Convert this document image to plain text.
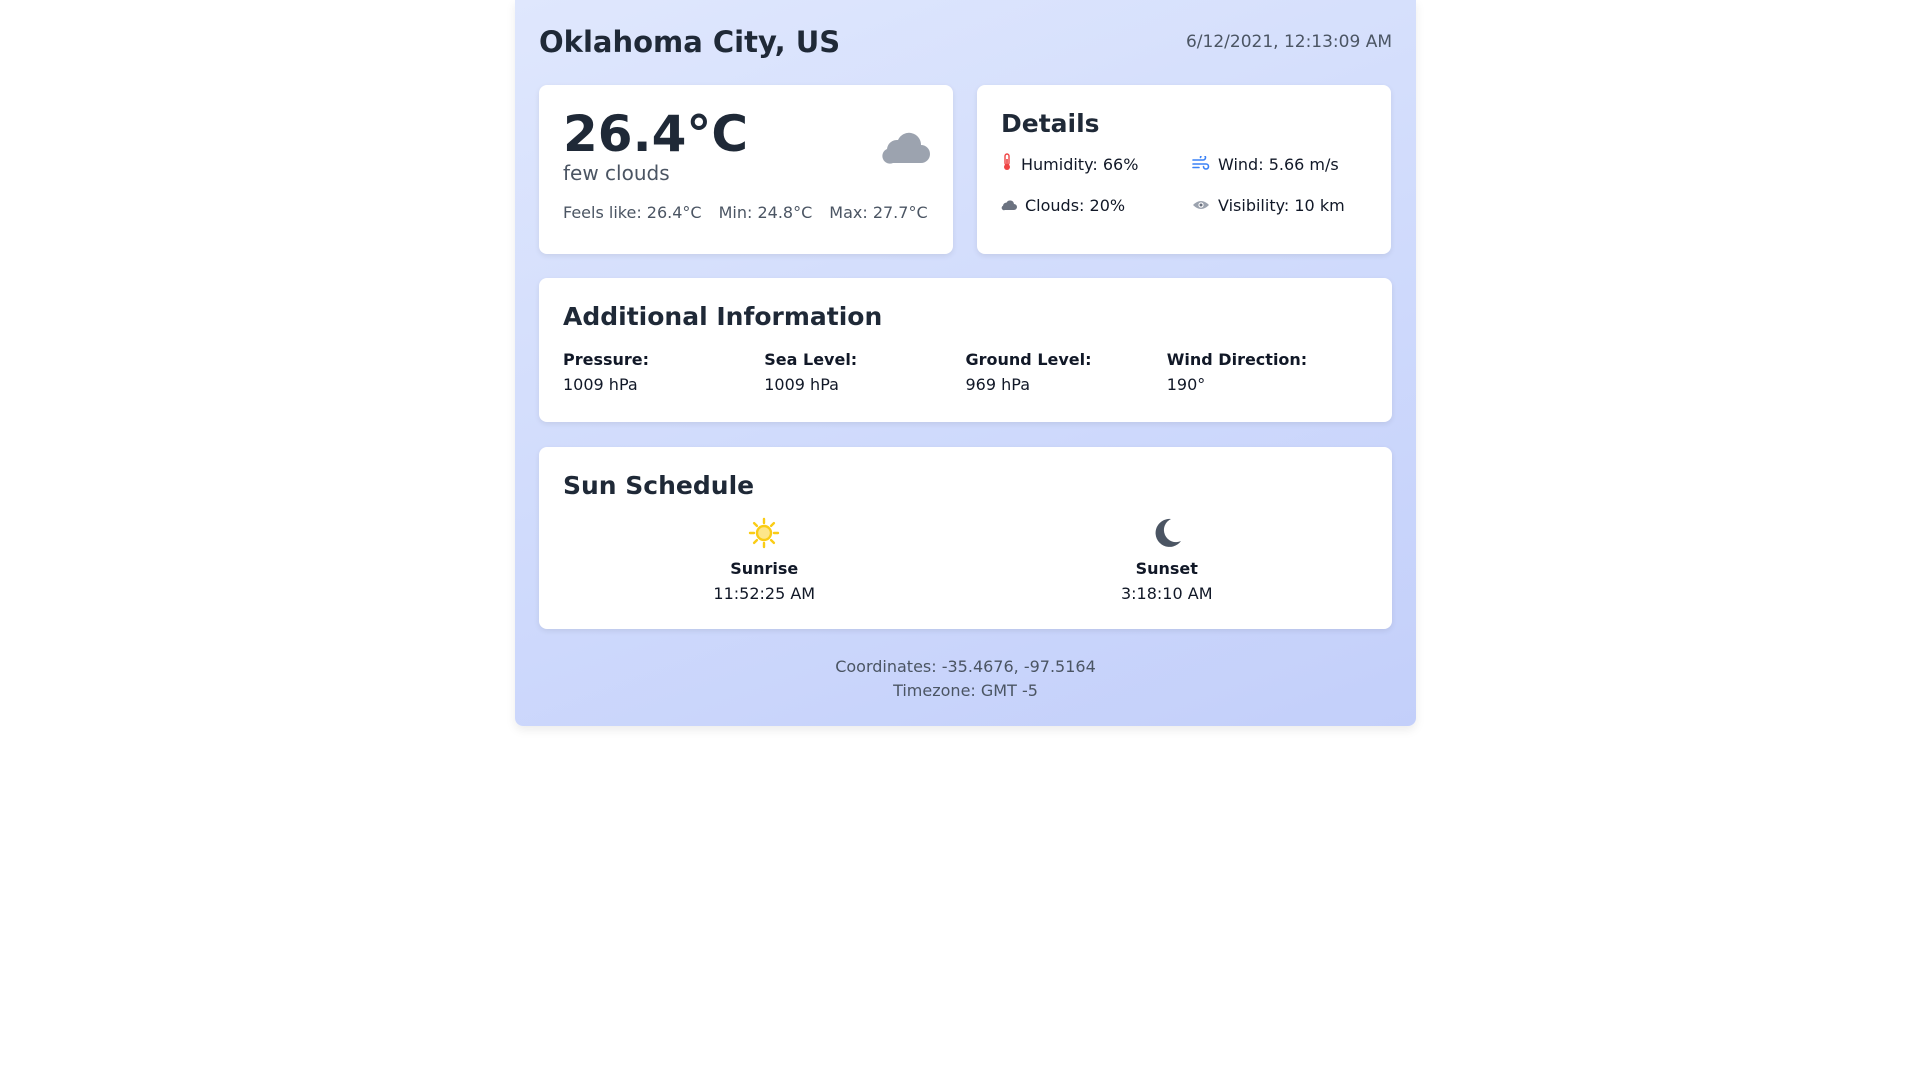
Oklahoma City, US	6/12/2021, 12:13:09 AM
26.4°C
few clouds
Feels like: 26.4°C Min: 24.8°C Max: 27.7°C
Details
Humidity: 66%	Wind: 5.66 m/s
Clouds: 20%	Visibility: 10 km
Additional Information
Pressure:
1009 hPa
Sea Level:
1009 hPa
Ground Level:
969 hPa
Wind Direction:
190°
Sun Schedule
Sunrise
11:52:25 AM
Sunset
3:18:10 AM
Coordinates: -35.4676, -97.5164
Timezone: GMT -5
